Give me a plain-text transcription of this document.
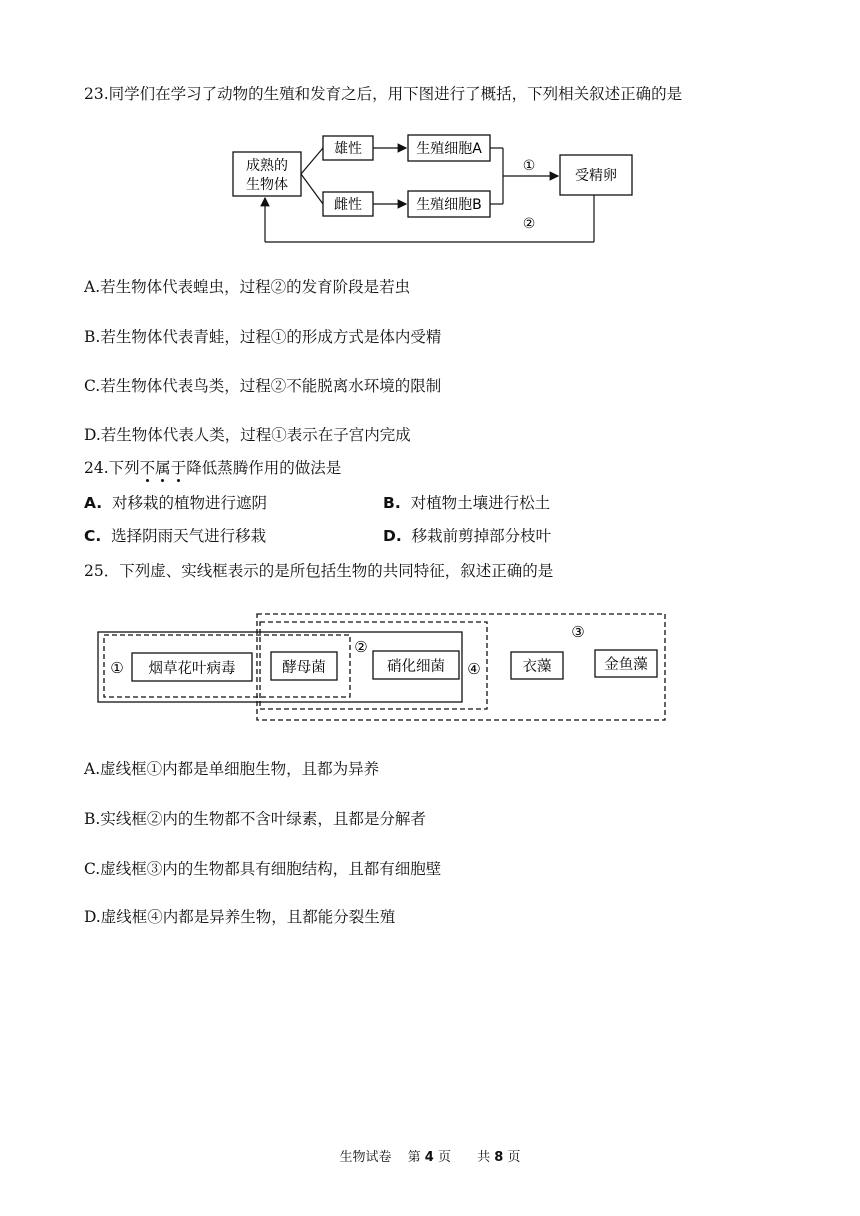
23.同学们在学习了动物的生殖和发育之后，用下图进行了概括，下列相关叙述正确的是
成熟的
生物体
雄性
雌性
生殖细胞A
生殖细胞B
①
受精卵
②
A.若生物体代表蝗虫，过程②的发育阶段是若虫
B.若生物体代表青蛙，过程①的形成方式是体内受精
C.若生物体代表鸟类，过程②不能脱离水环境的限制
D.若生物体代表人类，过程①表示在子宫内完成
24.下列不属于降低蒸腾作用的做法是
A. 对移栽的植物进行遮阴	B. 对植物土壤进行松土
C. 选择阴雨天气进行移栽	D. 移栽前剪掉部分枝叶
25．下列虚、实线框表示的是所包括生物的共同特征，叙述正确的是
①
②
③
④
烟草花叶病毒	酵母菌	硝化细菌	衣藻	金鱼藻
A.虚线框①内都是单细胞生物，且都为异养
B.实线框②内的生物都不含叶绿素，且都是分解者
C.虚线框③内的生物都具有细胞结构，且都有细胞壁
D.虚线框④内都是异养生物，且都能分裂生殖
生物试卷 第 4 页 共 8 页
